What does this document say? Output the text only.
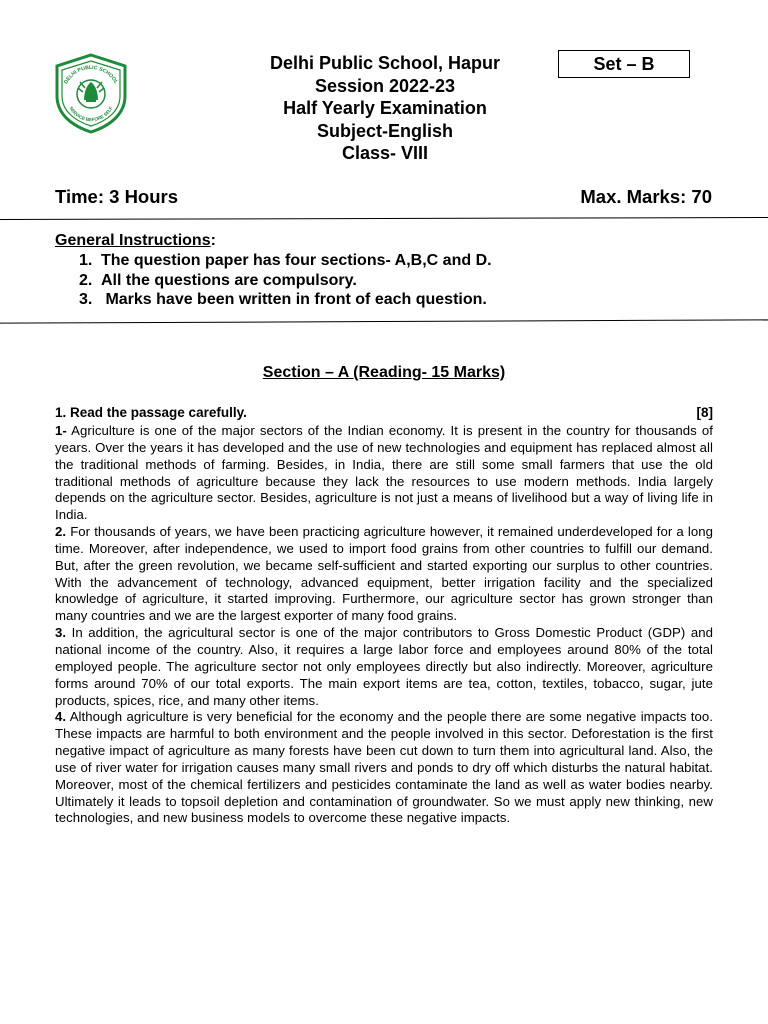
DELHI PUBLIC SCHOOL
SERVICE BEFORE SELF
Delhi Public School, Hapur
Session 2022-23
Half Yearly Examination
Subject-English
Class- VIII
Set – B
Time: 3 Hours	Max. Marks: 70
General Instructions:
1. The question paper has four sections- A,B,C and D.
2. All the questions are compulsory.
3. Marks have been written in front of each question.
Section – A (Reading- 15 Marks)
1. Read the passage carefully.	[8]

1- Agriculture is one of the major sectors of the Indian economy. It is present in the country for thousands of years. Over the years it has developed and the use of new technologies and equipment has replaced almost all the traditional methods of farming. Besides, in India, there are still some small farmers that use the old traditional methods of agriculture because they lack the resources to use modern methods. India largely depends on the agriculture sector. Besides, agriculture is not just a means of livelihood but a way of living life in India.

2. For thousands of years, we have been practicing agriculture however, it remained underdeveloped for a long time. Moreover, after independence, we used to import food grains from other countries to fulfill our demand. But, after the green revolution, we became self-sufficient and started exporting our surplus to other countries. With the advancement of technology, advanced equipment, better irrigation facility and the specialized knowledge of agriculture, it started improving. Furthermore, our agriculture sector has grown stronger than many countries and we are the largest exporter of many food grains.

3. In addition, the agricultural sector is one of the major contributors to Gross Domestic Product (GDP) and national income of the country. Also, it requires a large labor force and employees around 80% of the total employed people. The agriculture sector not only employees directly but also indirectly. Moreover, agriculture forms around 70% of our total exports. The main export items are tea, cotton, textiles, tobacco, sugar, jute products, spices, rice, and many other items.

4. Although agriculture is very beneficial for the economy and the people there are some negative impacts too. These impacts are harmful to both environment and the people involved in this sector. Deforestation is the first negative impact of agriculture as many forests have been cut down to turn them into agricultural land. Also, the use of river water for irrigation causes many small rivers and ponds to dry off which disturbs the natural habitat. Moreover, most of the chemical fertilizers and pesticides contaminate the land as well as water bodies nearby. Ultimately it leads to topsoil depletion and contamination of groundwater. So we must apply new thinking, new technologies, and new business models to overcome these negative impacts.
